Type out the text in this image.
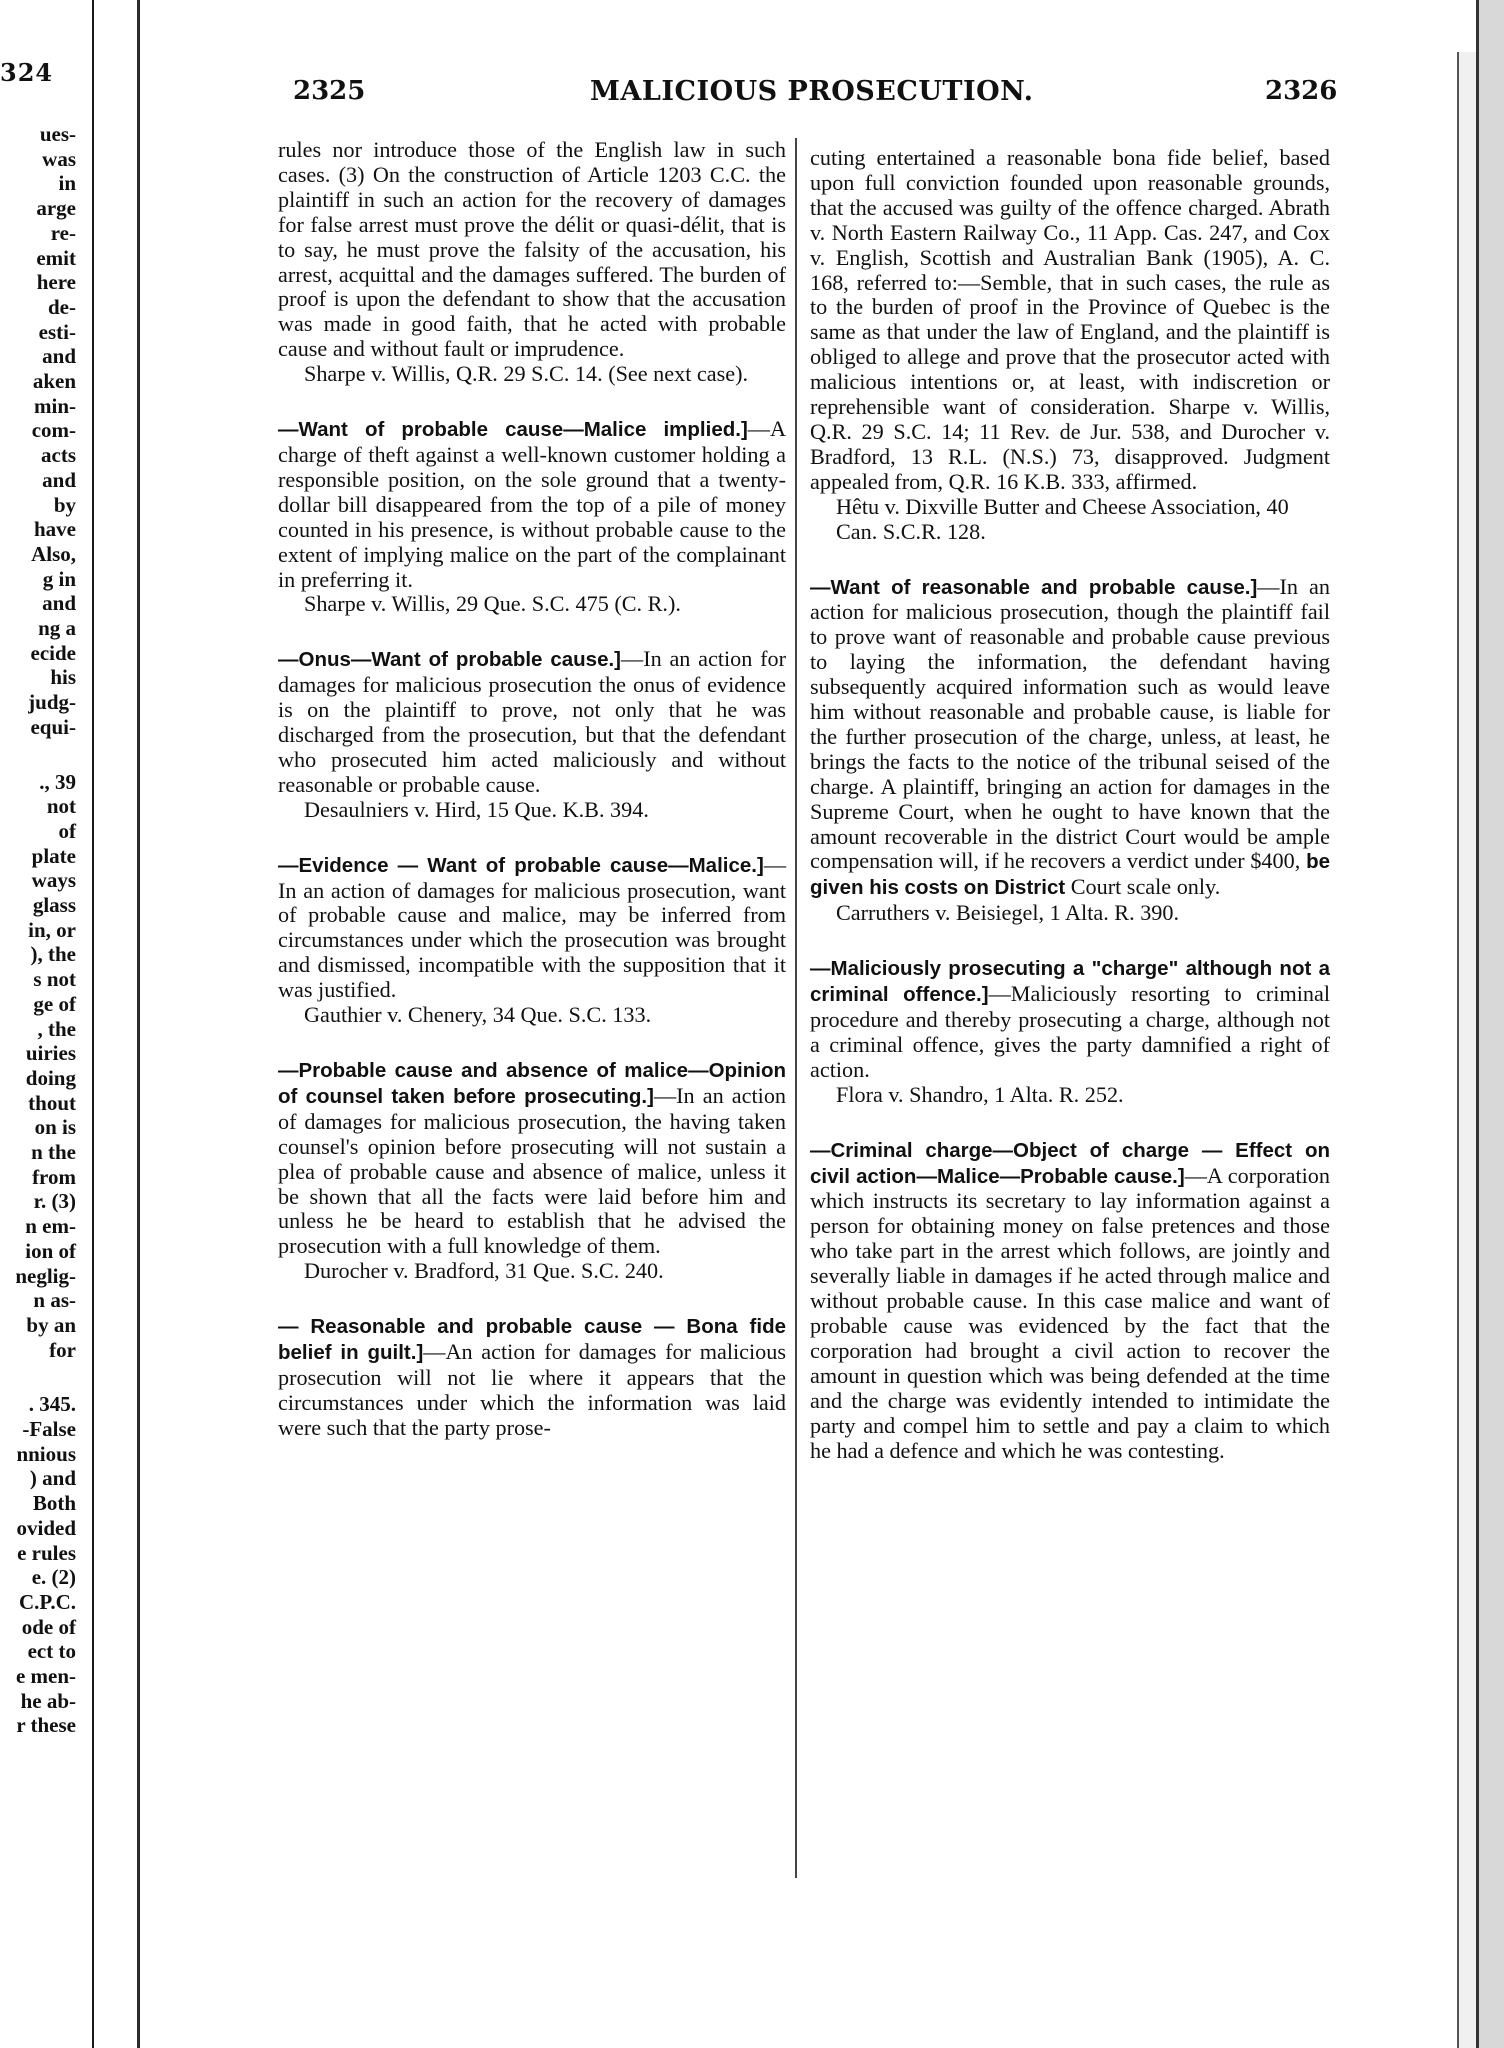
324
ues-
was
in
arge
re-
emit
here
de-
esti-
and
aken
min-
com-
acts
and
by
have
Also,
g in
and
ng a
ecide
his
judg-
equi-
., 39
not
of
plate
ways
glass
in, or
), the
s not
ge of
, the
uiries
doing
thout
on is
n the
from
r. (3)
n em-
ion of
neglig-
n as-
by an
for
. 345.
-False
nnious
) and
Both
ovided
e rules
e. (2)
C.P.C.
ode of
ect to
e men-
he ab-
r these
2325	MALICIOUS PROSECUTION.	2326

rules nor introduce those of the English law in such cases. (3) On the construction of Article 1203 C.C. the plaintiff in such an action for the recovery of damages for false arrest must prove the délit or quasi-délit, that is to say, he must prove the falsity of the accusation, his arrest, acquittal and the damages suffered. The burden of proof is upon the defendant to show that the accusation was made in good faith, that he acted with probable cause and without fault or imprudence.

Sharpe v. Willis, Q.R. 29 S.C. 14. (See next case).

—Want of probable cause—Malice implied.]—A charge of theft against a well-known customer holding a responsible position, on the sole ground that a twenty-dollar bill disappeared from the top of a pile of money counted in his presence, is without probable cause to the extent of implying malice on the part of the complainant in preferring it.

Sharpe v. Willis, 29 Que. S.C. 475 (C. R.).

—Onus—Want of probable cause.]—In an action for damages for malicious prosecution the onus of evidence is on the plaintiff to prove, not only that he was discharged from the prosecution, but that the defendant who prosecuted him acted maliciously and without reasonable or probable cause.

Desaulniers v. Hird, 15 Que. K.B. 394.

—Evidence — Want of probable cause—Malice.]—In an action of damages for malicious prosecution, want of probable cause and malice, may be inferred from circumstances under which the prosecution was brought and dismissed, incompatible with the supposition that it was justified.

Gauthier v. Chenery, 34 Que. S.C. 133.

—Probable cause and absence of malice—Opinion of counsel taken before prosecuting.]—In an action of damages for malicious prosecution, the having taken counsel's opinion before prosecuting will not sustain a plea of probable cause and absence of malice, unless it be shown that all the facts were laid before him and unless he be heard to establish that he advised the prosecution with a full knowledge of them.

Durocher v. Bradford, 31 Que. S.C. 240.

— Reasonable and probable cause — Bona fide belief in guilt.]—An action for damages for malicious prosecution will not lie where it appears that the circumstances under which the information was laid were such that the party prose-

cuting entertained a reasonable bona fide belief, based upon full conviction founded upon reasonable grounds, that the accused was guilty of the offence charged. Abrath v. North Eastern Railway Co., 11 App. Cas. 247, and Cox v. English, Scottish and Australian Bank (1905), A. C. 168, referred to:—Semble, that in such cases, the rule as to the burden of proof in the Province of Quebec is the same as that under the law of England, and the plaintiff is obliged to allege and prove that the prosecutor acted with malicious intentions or, at least, with indiscretion or reprehensible want of consideration. Sharpe v. Willis, Q.R. 29 S.C. 14; 11 Rev. de Jur. 538, and Durocher v. Bradford, 13 R.L. (N.S.) 73, disapproved. Judgment appealed from, Q.R. 16 K.B. 333, affirmed.

Hêtu v. Dixville Butter and Cheese Association, 40 Can. S.C.R. 128.

—Want of reasonable and probable cause.]—In an action for malicious prosecution, though the plaintiff fail to prove want of reasonable and probable cause previous to laying the information, the defendant having subsequently acquired information such as would leave him without reasonable and probable cause, is liable for the further prosecution of the charge, unless, at least, he brings the facts to the notice of the tribunal seised of the charge. A plaintiff, bringing an action for damages in the Supreme Court, when he ought to have known that the amount recoverable in the district Court would be ample compensation will, if he recovers a verdict under $400, be given his costs on District Court scale only.

Carruthers v. Beisiegel, 1 Alta. R. 390.

—Maliciously prosecuting a "charge" although not a criminal offence.]—Maliciously resorting to criminal procedure and thereby prosecuting a charge, although not a criminal offence, gives the party damnified a right of action.

Flora v. Shandro, 1 Alta. R. 252.

—Criminal charge—Object of charge — Effect on civil action—Malice—Probable cause.]—A corporation which instructs its secretary to lay information against a person for obtaining money on false pretences and those who take part in the arrest which follows, are jointly and severally liable in damages if he acted through malice and without probable cause. In this case malice and want of probable cause was evidenced by the fact that the corporation had brought a civil action to recover the amount in question which was being defended at the time and the charge was evidently intended to intimidate the party and compel him to settle and pay a claim to which he had a defence and which he was contesting.
